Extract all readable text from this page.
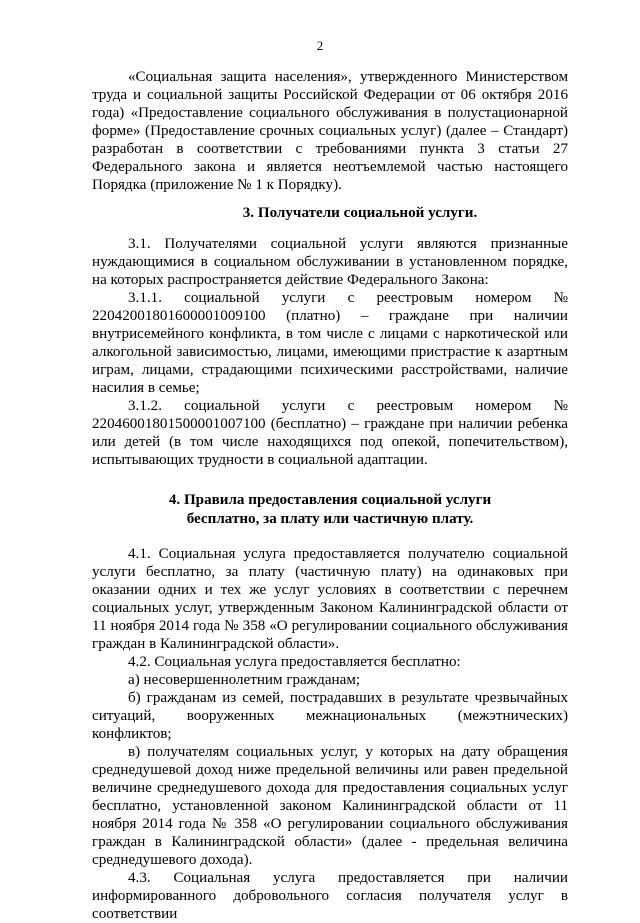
2

«Социальная защита населения», утвержденного Министерством труда и социальной защиты Российской Федерации от 06 октября 2016 года) «Предоставление социального обслуживания в полустационарной форме» (Предоставление срочных социальных услуг) (далее – Стандарт) разработан в соответствии с требованиями пункта 3 статьи 27 Федерального закона и является неотъемлемой частью настоящего Порядка (приложение № 1 к Порядку).

3. Получатели социальной услуги.

3.1. Получателями социальной услуги являются признанные нуждающимися в социальном обслуживании в установленном порядке, на которых распространяется действие Федерального Закона:

3.1.1. социальной услуги с реестровым номером № 220420018016000010091​00 (платно) – граждане при наличии внутрисемейного конфликта, в том числе с лицами с наркотической или алкогольной зависимостью, лицами, имеющими пристрастие к азартным играм, лицами, страдающими психическими расстройствами, наличие насилия в семье;

3.1.2. социальной услуги с реестровым номером № 22046001801500001007100 (бесплатно) – граждане при наличии ребенка или детей (в том числе находящихся под опекой, попечительством), испытывающих трудности в социальной адаптации.

4. Правила предоставления социальной услуги
бесплатно, за плату или частичную плату.

4.1. Социальная услуга предоставляется получателю социальной услуги бесплатно, за плату (частичную плату) на одинаковых при оказании одних и тех же услуг условиях в соответствии с перечнем социальных услуг, утвержденным Законом Калининградской области от 11 ноября 2014 года № 358 «О регулировании социального обслуживания граждан в Калининградской области».

4.2. Социальная услуга предоставляется бесплатно:

а) несовершеннолетним гражданам;

б) гражданам из семей, пострадавших в результате чрезвычайных ситуаций, вооруженных межнациональных (межэтнических) конфликтов;

в) получателям социальных услуг, у которых на дату обращения среднедушевой доход ниже предельной величины или равен предельной величине среднедушевого дохода для предоставления социальных услуг бесплатно, установленной законом Калининградской области от 11 ноября 2014 года № 358 «О регулировании социального обслуживания граждан в Калининградской области» (далее - предельная величина среднедушевого дохода).

4.3. Социальная услуга предоставляется при наличии информированного добровольного согласия получателя услуг в соответствии
